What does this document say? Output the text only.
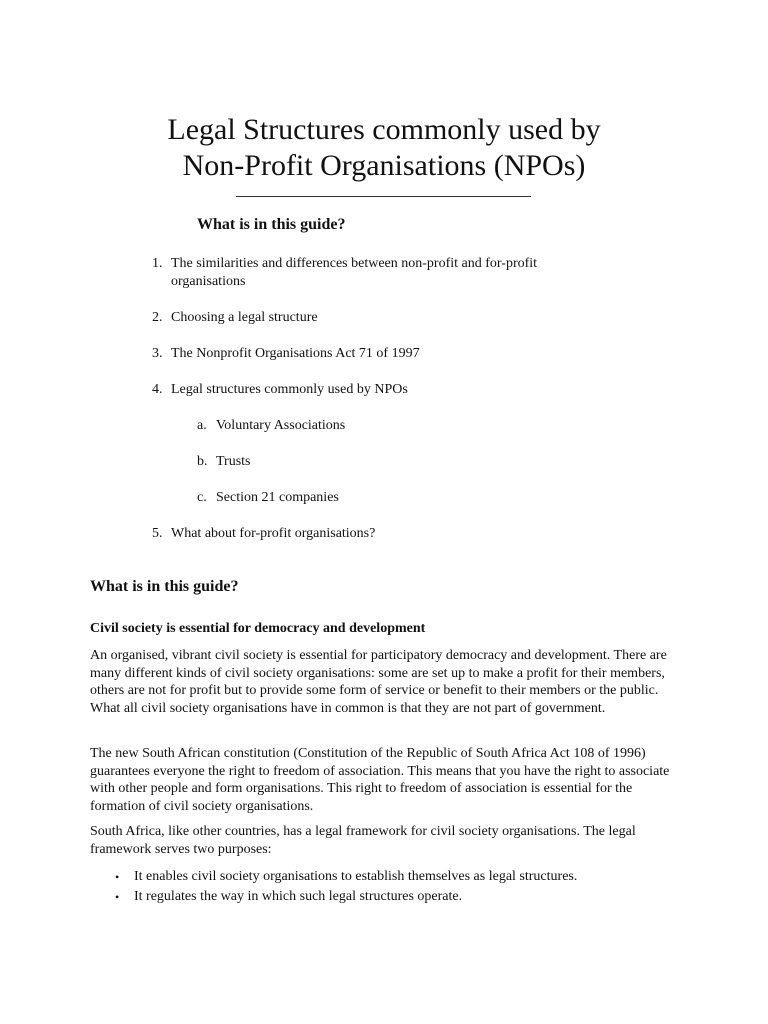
Legal Structures commonly used by
Non-Profit Organisations (NPOs)
What is in this guide?
1. The similarities and differences between non-profit and for-profit
organisations
2. Choosing a legal structure
3. The Nonprofit Organisations Act 71 of 1997
4. Legal structures commonly used by NPOs
a. Voluntary Associations
b. Trusts
c. Section 21 companies
5. What about for-profit organisations?
What is in this guide?
Civil society is essential for democracy and development

An organised, vibrant civil society is essential for participatory democracy and development. There are many different kinds of civil society organisations: some are set up to make a profit for their members, others are not for profit but to provide some form of service or benefit to their members or the public. What all civil society organisations have in common is that they are not part of government.

The new South African constitution (Constitution of the Republic of South Africa Act 108 of 1996) guarantees everyone the right to freedom of association. This means that you have the right to associate with other people and form organisations. This right to freedom of association is essential for the formation of civil society organisations.

South Africa, like other countries, has a legal framework for civil society organisations. The legal framework serves two purposes:

•	It enables civil society organisations to establish themselves as legal structures.
•	It regulates the way in which such legal structures operate.
